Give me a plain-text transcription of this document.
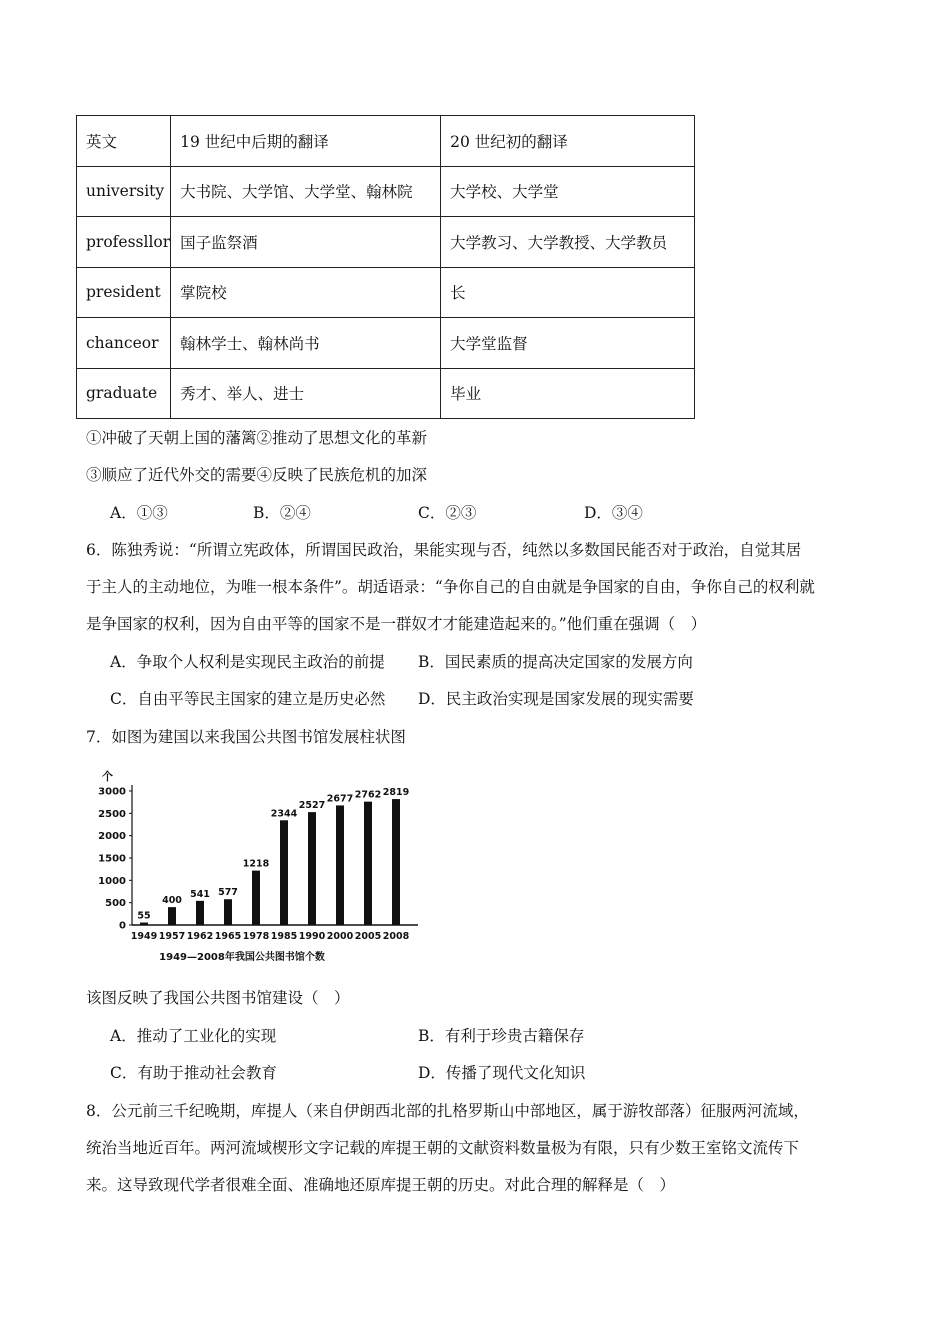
英文	19 世纪中后期的翻译	20 世纪初的翻译
university	大书院、大学馆、大学堂、翰林院	大学校、大学堂
professllor	国子监祭酒	大学教习、大学教授、大学教员
president	掌院校	长
chanceor	翰林学士、翰林尚书	大学堂监督
graduate	秀才、举人、进士	毕业
①冲破了天朝上国的藩篱②推动了思想文化的革新
③顺应了近代外交的需要④反映了民族危机的加深
A．①③	B．②④	C．②③	D．③④
6．陈独秀说：“所谓立宪政体，所谓国民政治，果能实现与否，纯然以多数国民能否对于政治，自觉其居
于主人的主动地位，为唯一根本条件”。胡适语录：“争你自己的自由就是争国家的自由，争你自己的权利就
是争国家的权利，因为自由平等的国家不是一群奴才才能建造起来的。”他们重在强调（　）
A．争取个人权利是实现民主政治的前提 B．国民素质的提高决定国家的发展方向
C．自由平等民主国家的建立是历史必然 D．民主政治实现是国家发展的现实需要
7．如图为建国以来我国公共图书馆发展柱状图
个
1949—2008年我国公共图书馆个数
0
500
1000
1500
2000
2500
3000
55
1949
400
1957
541
1962
577
1965
1218
1978
2344
1985
2527
1990
2677
2000
2762
2005
2819
2008
该图反映了我国公共图书馆建设（　）
A．推动了工业化的实现	B．有利于珍贵古籍保存
C．有助于推动社会教育	D．传播了现代文化知识
8．公元前三千纪晚期，库提人（来自伊朗西北部的扎格罗斯山中部地区，属于游牧部落）征服两河流域，
统治当地近百年。两河流域楔形文字记载的库提王朝的文献资料数量极为有限，只有少数王室铭文流传下
来。这导致现代学者很难全面、准确地还原库提王朝的历史。对此合理的解释是（　）
